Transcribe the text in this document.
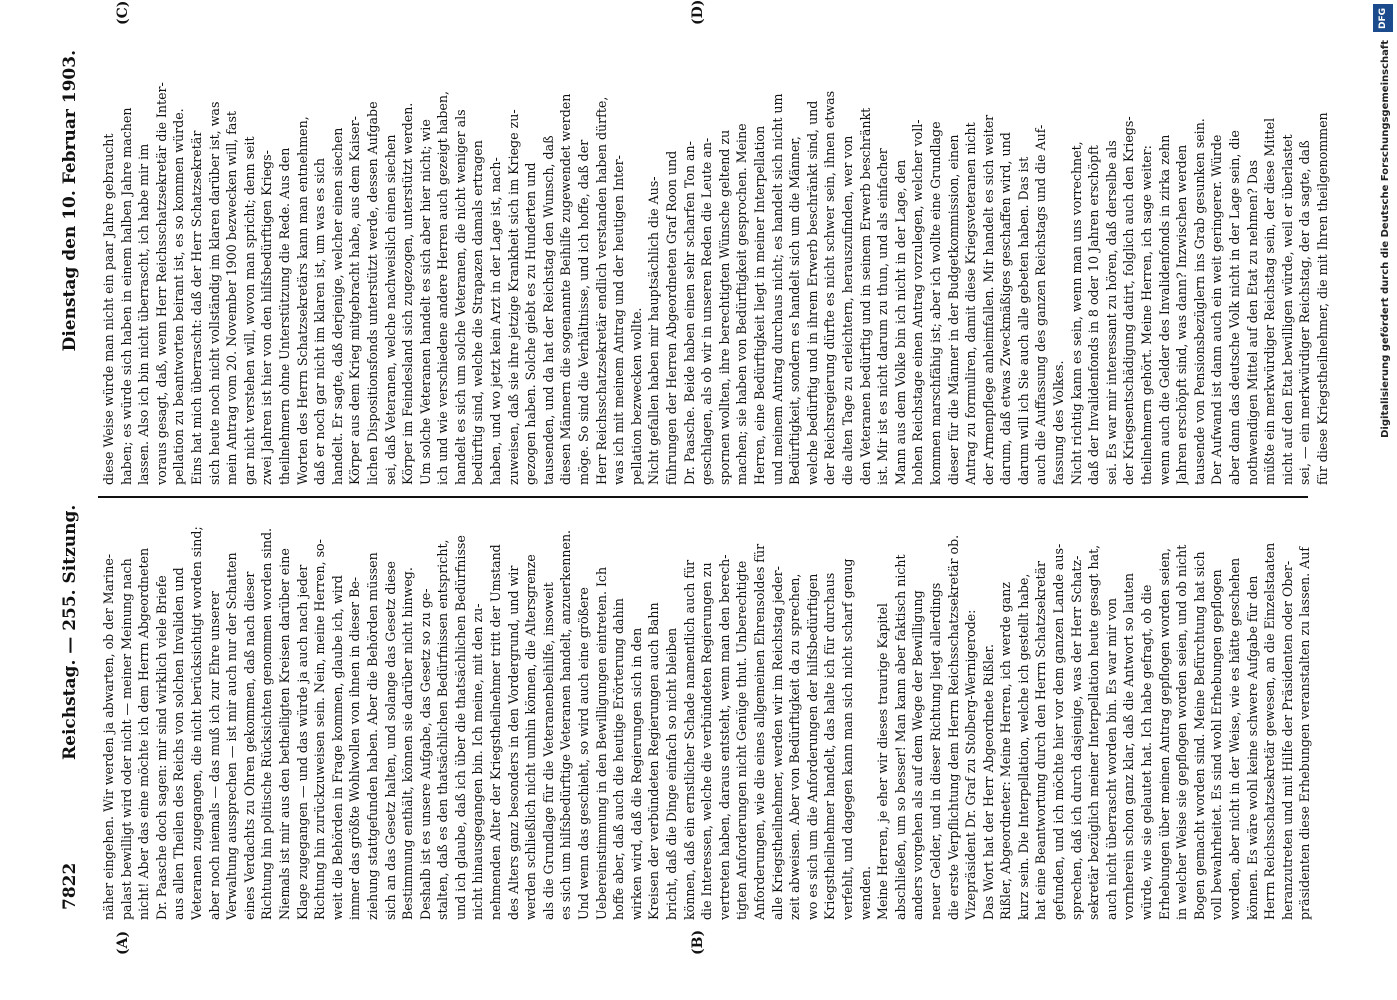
7822
Reichstag. — 255. Sitzung.
Dienstag den 10. Februar 1903.
(A)	(B)
(C)	(D)
näher eingehen. Wir werden ja abwarten, ob der Marine- palast bewilligt wird oder nicht — meiner Meinung nach nicht! Aber das eine möchte ich dem Herrn Abgeordneten Dr. Paasche doch sagen: mir sind wirklich viele Briefe aus allen Theilen des Reichs von solchen Invaliden und Veteranen zugegangen, die nicht berücksichtigt worden sind; aber noch niemals — das muß ich zur Ehre unserer Verwaltung aussprechen — ist mir auch nur der Schatten eines Verdachts zu Ohren gekommen, daß nach dieser Richtung hin politische Rücksichten genommen worden sind. Niemals ist mir aus den betheiligten Kreisen darüber eine Klage zugegangen — und das würde ja auch nach jeder Richtung hin zurückzuweisen sein. Nein, meine Herren, so- weit die Behörden in Frage kommen, glaube ich, wird immer das größte Wohlwollen von ihnen in dieser Be- ziehung stattgefunden haben. Aber die Behörden müssen sich an das Gesetz halten, und solange das Gesetz diese Bestimmung enthält, können sie darüber nicht hinweg. Deshalb ist es unsere Aufgabe, das Gesetz so zu ge- stalten, daß es den thatsächlichen Bedürfnissen entspricht, und ich glaube, daß ich über die thatsächlichen Bedürfnisse nicht hinausgegangen bin. Ich meine, mit den zu- nehmenden Alter der Kriegstheilnehmer tritt der Umstand des Alters ganz besonders in den Vordergrund, und wir werden schließlich nicht umhin können, die Altersgrenze als die Grundlage für die Veteranenbeihilfe, insoweit es sich um hilfsbedürftige Veteranen handelt, anzuerkennen. Und wenn das geschieht, so wird auch eine größere Uebereinstimmung in den Bewilligungen eintreten. Ich hoffe aber, daß auch die heutige Erörterung dahin wirken wird, daß die Regierungen sich in den Kreisen der verbündeten Regierungen auch Bahn bricht, daß die Dinge einfach so nicht bleiben können, daß ein ernstlicher Schade namentlich auch für die Interessen, welche die verbündeten Regierungen zu vertreten haben, daraus entsteht, wenn man den berech- tigten Anforderungen nicht Genüge thut. Unberechtigte Anforderungen, wie die eines allgemeinen Ehrensoldes für alle Kriegstheilnehmer, werden wir im Reichstag jeder- zeit abweisen. Aber von Bedürftigkeit da zu sprechen, wo es sich um die Anforderungen der hilfsbedürftigen Kriegstheilnehmer handelt, das halte ich für durchaus verfehlt, und dagegen kann man sich nicht scharf genug wenden. Meine Herren, je eher wir dieses traurige Kapitel abschließen, um so besser! Man kann aber faktisch nicht anders vorgehen als auf dem Wege der Bewilligung neuer Gelder, und in dieser Richtung liegt allerdings die erste Verpflichtung dem Herrn Reichsschatzsekretär ob. Vizepräsident Dr. Graf zu Stolberg-Wernigerode: Das Wort hat der Herr Abgeordnete Rißler. Rißler, Abgeordneter: Meine Herren, ich werde ganz kurz sein. Die Interpellation, welche ich gestellt habe, hat eine Beantwortung durch den Herrn Schatzsekretär gefunden, und ich möchte hier vor dem ganzen Lande aus- sprechen, daß ich durch dasjenige, was der Herr Schatz- sekretär bezüglich meiner Interpellation heute gesagt hat, auch nicht überrascht worden bin. Es war mir von vornherein schon ganz klar, daß die Antwort so lauten würde, wie sie gelautet hat. Ich habe gefragt, ob die Erhebungen über meinen Antrag gepflogen worden seien, in welcher Weise sie gepflogen worden seien, und ob nicht Bogen gemacht worden sind. Meine Befürchtung hat sich voll bewahrheitet. Es sind wohl Erhebungen gepflogen worden, aber nicht in der Weise, wie es hätte geschehen können. Es wäre wohl keine schwere Aufgabe für den Herrn Reichsschatzsekretär gewesen, an die Einzelstaaten heranzutreten und mit Hilfe der Präsidenten oder Ober- präsidenten diese Erhebungen veranstalten zu lassen. Auf
diese Weise würde man nicht ein paar Jahre gebraucht haben; es würde sich haben in einem halben Jahre machen lassen. Also ich bin nicht überrascht, ich habe mir im voraus gesagt, daß, wenn Herr Reichsschatzsekretär die Inter- pellation zu beantworten beirant ist, es so kommen würde. Eins hat mich überrascht: daß der Herr Schatzsekretär sich heute noch nicht vollständig im klaren darüber ist, was mein Antrag vom 20. November 1900 bezwecken will, fast gar nicht verstehen will, wovon man spricht; denn seit zwei Jahren ist hier von den hilfsbedürftigen Kriegs- theilnehmern ohne Unterstützung die Rede. Aus den Worten des Herrn Schatzsekretärs kann man entnehmen, daß er noch gar nicht im klaren ist, um was es sich handelt. Er sagte, daß derjenige, welcher einen siechen Körper aus dem Krieg mitgebracht habe, aus dem Kaiser- lichen Dispositionsfonds unterstützt werde, dessen Aufgabe sei, daß Veteranen, welche nachweislich einen siechen Körper im Feindesland sich zugezogen, unterstützt werden. Um solche Veteranen handelt es sich aber hier nicht; wie ich und wie verschiedene andere Herren auch gezeigt haben, handelt es sich um solche Veteranen, die nicht weniger als bedürftig sind, welche die Strapazen damals ertragen haben, und wo jetzt kein Arzt in der Lage ist, nach- zuweisen, daß sie ihre jetzige Krankheit sich im Kriege zu- gezogen haben. Solche giebt es zu Hunderten und tausenden, und da hat der Reichstag den Wunsch, daß diesen Männern die sogenannte Beihilfe zugewendet werden möge. So sind die Verhältnisse, und ich hoffe, daß der Herr Reichsschatzsekretär endlich verstanden haben dürfte, was ich mit meinem Antrag und der heutigen Inter- pellation bezwecken wollte. Nicht gefallen haben mir hauptsächlich die Aus- führungen der Herren Abgeordneten Graf Roon und Dr. Paasche. Beide haben einen sehr scharfen Ton an- geschlagen, als ob wir in unseren Reden die Leute an- spornen wollten, ihre berechtigten Wünsche geltend zu machen; sie haben von Bedürftigkeit gesprochen. Meine Herren, eine Bedürftigkeit liegt in meiner Interpellation und meinem Antrag durchaus nicht; es handelt sich nicht um Bedürftigkeit, sondern es handelt sich um die Männer, welche bedürftig und in ihrem Erwerb beschränkt sind, und der Reichsregierung dürfte es nicht schwer sein, ihnen etwas die alten Tage zu erleichtern, herauszufinden, wer von den Veteranen bedürftig und in seinem Erwerb beschränkt ist. Mir ist es nicht darum zu thun, und als einfacher Mann aus dem Volke bin ich nicht in der Lage, den hohen Reichstage einen Antrag vorzulegen, welcher voll- kommen marschfähig ist; aber ich wollte eine Grundlage dieser für die Männer in der Budgetkommission, einen Antrag zu formuliren, damit diese Kriegsveteranen nicht der Armenpflege anheimfallen. Mir handelt es sich weiter darum, daß etwas Zweckmäßiges geschaffen wird, und darum will ich Sie auch alle gebeten haben. Das ist auch die Auffassung des ganzen Reichstags und die Auf- fassung des Volkes. Nicht richtig kann es sein, wenn man uns vorrechnet, daß der Invalidenfonds in 8 oder 10 Jahren erschöpft sei. Es war mir interessant zu hören, daß derselbe als der Kriegsentschädigung datirt, folglich auch den Kriegs- theilnehmern gehört. Meine Herren, ich sage weiter: wenn auch die Gelder des Invalidenfonds in zirka zehn Jahren erschöpft sind, was dann? Inzwischen werden tausende von Pensionsbezüglern ins Grab gesunken sein. Der Aufwand ist dann auch ein weit geringerer. Würde aber dann das deutsche Volk nicht in der Lage sein, die nothwendigen Mittel auf den Etat zu nehmen? Das müßte ein merkwürdiger Reichstag sein, der diese Mittel nicht auf den Etat bewilligen würde, weil er überlastet sei, — ein merkwürdiger Reichstag, der da sagte, daß für diese Kriegstheilnehmer, die mit Ihren theilgenommen
DFG
Digitalisierung gefördert durch die Deutsche Forschungsgemeinschaft
